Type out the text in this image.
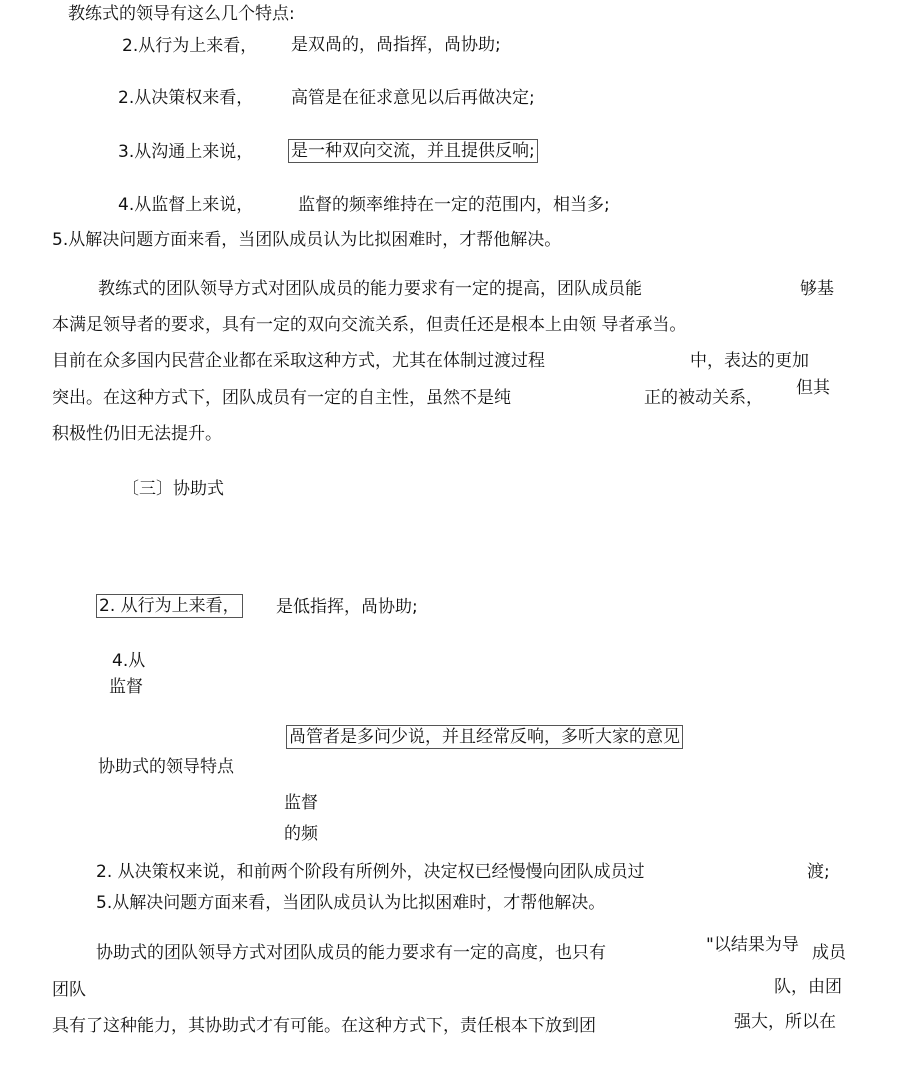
教练式的领导有这么几个特点:
2.从行为上来看， 是双咼的，咼指挥，咼协助;
2.从决策权来看， 高管是在征求意见以后再做决定;
3.从沟通上来说， 是一种双向交流，并且提供反响;
4.从监督上来说，	监督的频率维持在一定的范围内，相当多;
5.从解决问题方面来看，当团队成员认为比拟困难时，才帮他解决。
教练式的团队领导方式对团队成员的能力要求有一定的提高，团队成员能	够基
本满足领导者的要求，具有一定的双向交流关系，但责任还是根本上由领 导者承当。
目前在众多国内民营企业都在采取这种方式，尤其在体制过渡过程	中，表达的更加
突出。在这种方式下，团队成员有一定的自主性，虽然不是纯	正的被动关系， 但其
积极性仍旧无法提升。
〔三〕协助式
2. 从行为上来看， 是低指挥，咼协助;
4.从
监督
咼管者是多问少说，并且经常反响，多听大家的意见
协助式的领导特点
监督
的频
2. 从决策权来说，和前两个阶段有所例外，决定权已经慢慢向团队成员过	渡;
5.从解决问题方面来看，当团队成员认为比拟困难时，才帮他解决。
协助式的团队领导方式对团队成员的能力要求有一定的高度，也只有	"以结果为导 成员
团队	队，由团
具有了这种能力，其协助式才有可能。在这种方式下，责任根本下放到团	强大，所以在
